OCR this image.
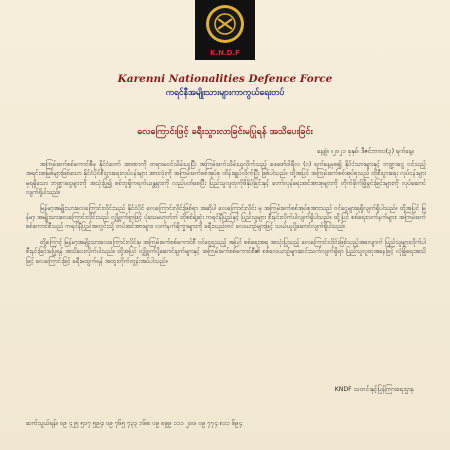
K.N.D.F
Karenni Nationalities Defence Force
ကရင်နီအမျိုးသားများကာကွယ်ရေးတပ်
လေကြောင်းဖြင့် ခရီးသွားလာခြင်းမပြုရန် အသိပေးခြင်း
နေ့စွဲ။ ။၂၀၂၁ ခုနှစ်၊ ဒီဇင်ဘာလ(၃) ရက်နေ့။

အကြမ်းဖက်စစ်ကောင်စီမှ နိုင်ငံတော် အာဏာကို တရားမဝင်သိမ်းယူပြီး အကြမ်းဖက်သိမ်းယူလိုက်သည့် ဖေဖော်ဝါရီလ (၁) ရက်နေ့မှစ၍ နိုင်ငံသားများနှင့် ဘဏ္ဍာငွေ ဝင်သည့် အရင်းအမြစ်များဖြစ်သော နိုင်ငံပိုင်စီးပွားရေးလုပ်ငန်းများ အားလုံးကို အကြမ်းဖက်စစ်အုပ်စု ထိန်းချုပ်လိုက်ပြီး ဖြစ်ပါသည်။ ထို့အပြင် အကြမ်းဖက်စစ်အုပ်စုသည် ထိုစီးပွားရေး လုပ်ငန်းများမှရရှိသော ဘဏ္ဍာငွေများကို အသုံးပြု၍ စစ်ဘူရှိကရက်ယန္တရားကို လည်ပတ်စေပြီး ပြည်သူလူထုကိုဖိနှိပ်ခြင်းနှင့် တော်လှန်ရေးအင်အားစုများကို တိုက်ခိုက်ဖြိုခွင်းခြင်းများကို လုပ်ဆောင်လျက်ရှိပါသည်။

မြန်မာ့အမျိုးသားလေကြောင်းလိုင်းသည် နိုင်ငံပိုင် လေကြောင်းလိုင်းဖြစ်ရာ အဆိုပါ လေကြောင်းလိုင်း မှ အကြမ်းဖက်စစ်အုပ်စုအားသည် ဝင်ငွေများရရှိလျက်ရှိပါသည်။ ထို့အပြင် မြန်မာ့ အမျိုးသားလေကြောင်းလိုင်းသည် လျှို့ဝှက်စွာဖြင့် ပုံသေမဟုတ်ဘဲ ထိုစစ်ရဲ့ဆုံး ကရင်နီပြည်နှင့် ပြည်သူများ စီးနင်းလိုက်ပါလျက်ရှိပါသည်။ ထို့ပြင် စစ်ရေးလက်နက်များ၊ အကြမ်းဖက် စစ်ကောင်စီသည် ကရင်နီပြည်အတွင်းသို့ တပ်အင်အားများ၊ လက်နက်ရိက္ခာများကို ခရီးသည်တင် လေယာဉ်များဖြင့် သယ်ယူပို့ဆောင်လျက်ရှိပါသည်။

ထို့ကြောင့် မြန်မာ့အမျိုးသားလေကြောင်းလိုင်းမှ အကြမ်းဖက်စစ်ကောင်စီ ဝင်ငွေရသည့် အပြင် စစ်ရေးအရ အသုံးပြုသည့် လေကြောင်းလိုင်းဖြစ်သည့်အလျောက် ပြည်သူများလိုက်ပါစီးနင်းခြင်းမပြုရန် အသိပေးလိုက်ပါသည်။ ထို့အပြင် လျှို့ဝှက်ပို့ဆောင်ချက်များနှင့် အကြမ်းဖက်စစ်ကောင်စီ၏ စစ်လေယာဉ်များဆင်းသက်လျက်ရှိရာ ပြည်သူလူထုအနေဖြင့် လုံခြုံရေးအသိဖြင့် လေကြောင်းဖြင့် ခရီးမထွက်ရန် အထူးတိုက်တွန်းအပ်ပါသည်။

KNDF သတင်းနှင့်ပြန်ကြားရေးဌာန
ဆက်သွယ်ရန်။ ၀၉ ၄၂၅ ၅၁၇ ၅၉၄၊ ၀၉ ၇၆၅ ၇၃၃ ၁၆၈၊ ၀၉ ၈၉၉ ၁၁၁ ၂၀၀၊ ၀၉ ၇၇၄ ၈၁၁ ၆၉၄
